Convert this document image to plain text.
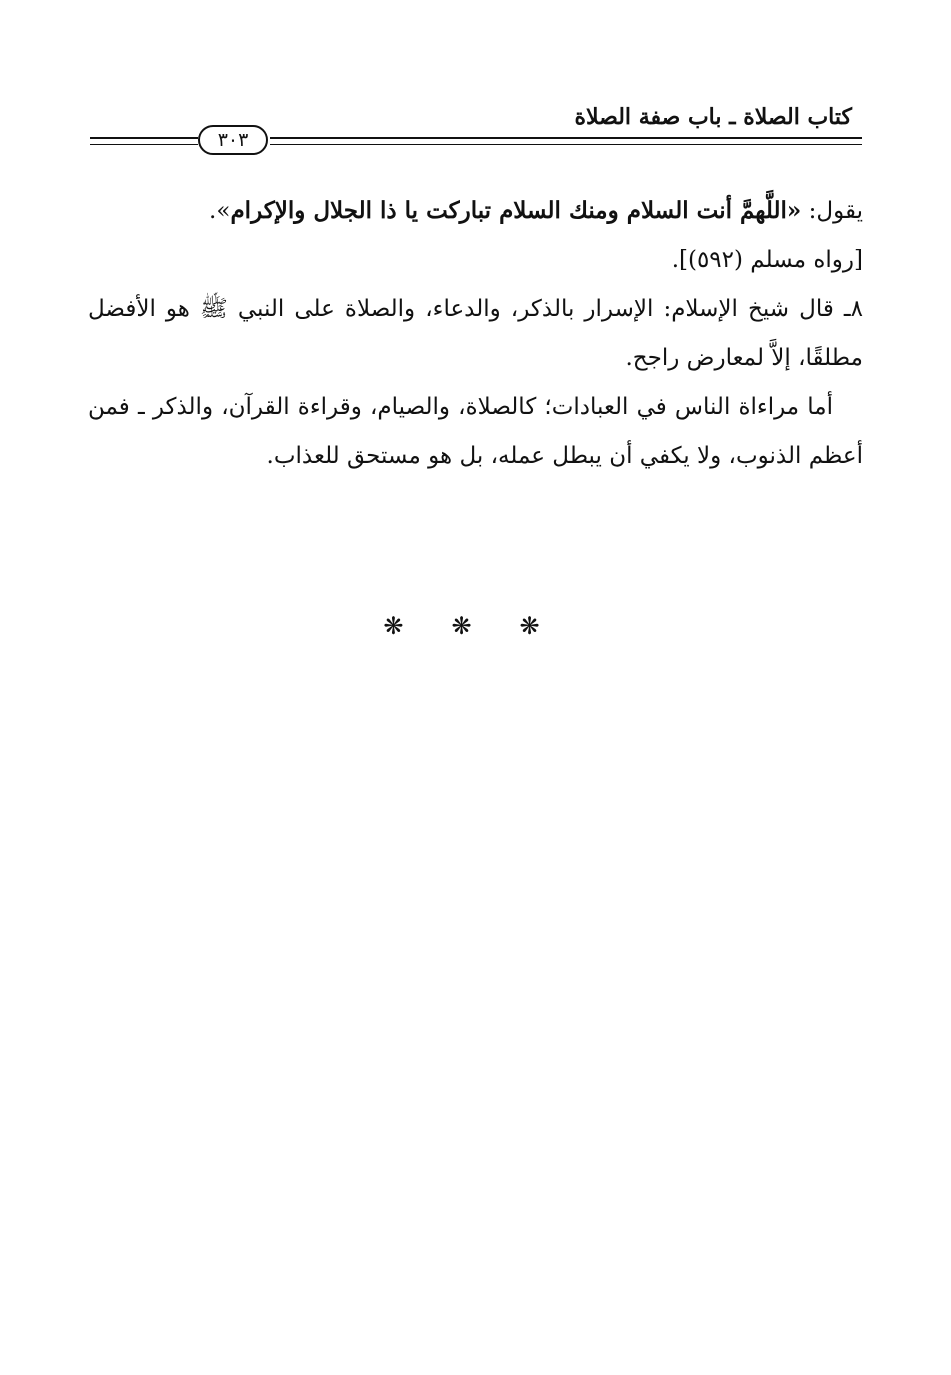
كتاب الصلاة ـ باب صفة الصلاة
٣٠٣

يقول: «اللَّهمَّ أنت السلام ومنك السلام تباركت يا ذا الجلال والإكرام».
[رواه مسلم (٥٩٢)].

٨ـ قال شيخ الإسلام: الإسرار بالذكر، والدعاء، والصلاة على النبي ﷺ هو الأفضل مطلقًا، إلاَّ لمعارض راجح.

أما مراءاة الناس في العبادات؛ كالصلاة، والصيام، وقراءة القرآن، والذكر ـ فمن أعظم الذنوب، ولا يكفي أن يبطل عمله، بل هو مستحق للعذاب.

❋ ❋ ❋
